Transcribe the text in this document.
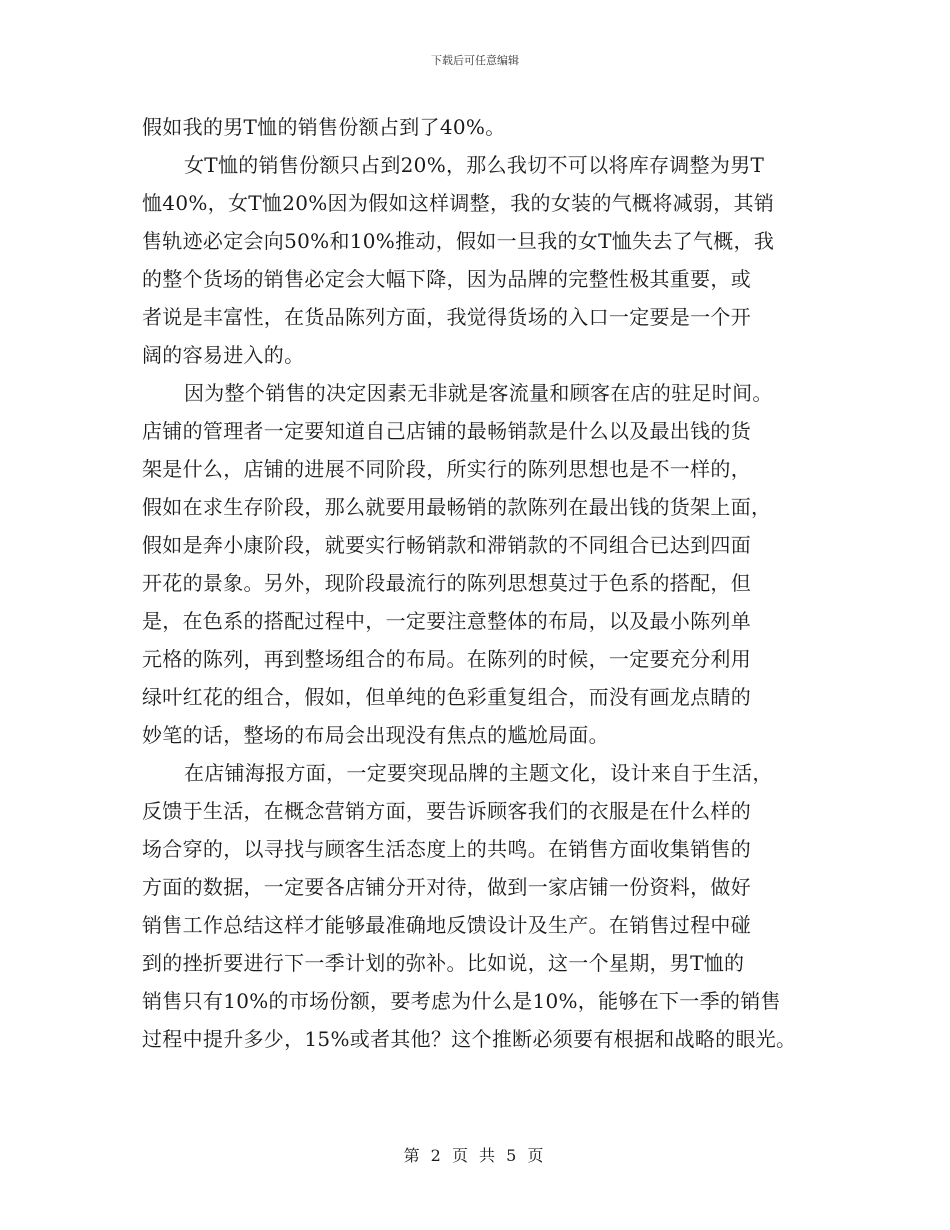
下载后可任意编辑
假如我的男T恤的销售份额占到了40%。
女T恤的销售份额只占到20%，那么我切不可以将库存调整为男T
恤40%，女T恤20%因为假如这样调整，我的女装的气概将减弱，其销
售轨迹必定会向50%和10%推动，假如一旦我的女T恤失去了气概，我
的整个货场的销售必定会大幅下降，因为品牌的完整性极其重要，或
者说是丰富性，在货品陈列方面，我觉得货场的入口一定要是一个开
阔的容易进入的。
因为整个销售的决定因素无非就是客流量和顾客在店的驻足时间。
店铺的管理者一定要知道自己店铺的最畅销款是什么以及最出钱的货
架是什么，店铺的进展不同阶段，所实行的陈列思想也是不一样的，
假如在求生存阶段，那么就要用最畅销的款陈列在最出钱的货架上面，
假如是奔小康阶段，就要实行畅销款和滞销款的不同组合已达到四面
开花的景象。另外，现阶段最流行的陈列思想莫过于色系的搭配，但
是，在色系的搭配过程中，一定要注意整体的布局，以及最小陈列单
元格的陈列，再到整场组合的布局。在陈列的时候，一定要充分利用
绿叶红花的组合，假如，但单纯的色彩重复组合，而没有画龙点睛的
妙笔的话，整场的布局会出现没有焦点的尴尬局面。
在店铺海报方面，一定要突现品牌的主题文化，设计来自于生活，
反馈于生活，在概念营销方面，要告诉顾客我们的衣服是在什么样的
场合穿的，以寻找与顾客生活态度上的共鸣。在销售方面收集销售的
方面的数据，一定要各店铺分开对待，做到一家店铺一份资料，做好
销售工作总结这样才能够最准确地反馈设计及生产。在销售过程中碰
到的挫折要进行下一季计划的弥补。比如说，这一个星期，男T恤的
销售只有10%的市场份额，要考虑为什么是10%，能够在下一季的销售
过程中提升多少，15%或者其他？这个推断必须要有根据和战略的眼光。
第 2 页 共 5 页
